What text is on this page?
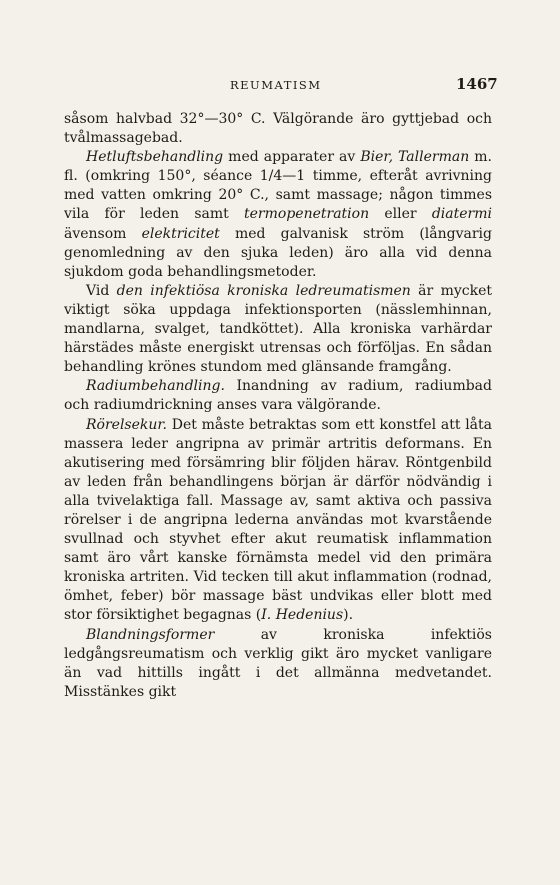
REUMATISM	1467

såsom halvbad 32°—30° C. Välgörande äro gyttjebad och tvålmassagebad.

Hetluftsbehandling med apparater av Bier, Tallerman m. fl. (omkring 150°, séance 1/4—1 timme, efteråt avrivning med vatten omkring 20° C., samt massage; någon timmes vila för leden samt termopenetration eller diatermi ävensom elektricitet med galvanisk ström (långvarig genomledning av den sjuka leden) äro alla vid denna sjukdom goda behandlingsmetoder.

Vid den infektiösa kroniska ledreumatismen är mycket viktigt söka uppdaga infektionsporten (nässlemhinnan, mandlarna, svalget, tandköttet). Alla kroniska varhärdar härstädes måste energiskt utrensas och förföljas. En sådan behandling krönes stundom med glänsande framgång.

Radiumbehandling. Inandning av radium, radiumbad och radiumdrickning anses vara välgörande.

Rörelsekur. Det måste betraktas som ett konstfel att låta massera leder angripna av primär artritis deformans. En akutisering med försämring blir följden härav. Röntgenbild av leden från behandlingens början är därför nödvändig i alla tvivelaktiga fall. Massage av, samt aktiva och passiva rörelser i de angripna lederna användas mot kvarstående svullnad och styvhet efter akut reumatisk inflammation samt äro vårt kanske förnämsta medel vid den primära kroniska artriten. Vid tecken till akut inflammation (rodnad, ömhet, feber) bör massage bäst undvikas eller blott med stor försiktighet begagnas (I. Hedenius).

Blandningsformer av kroniska infektiös ledgångsreumatism och verklig gikt äro mycket vanligare än vad hittills ingått i det allmänna medvetandet. Misstänkes gikt
